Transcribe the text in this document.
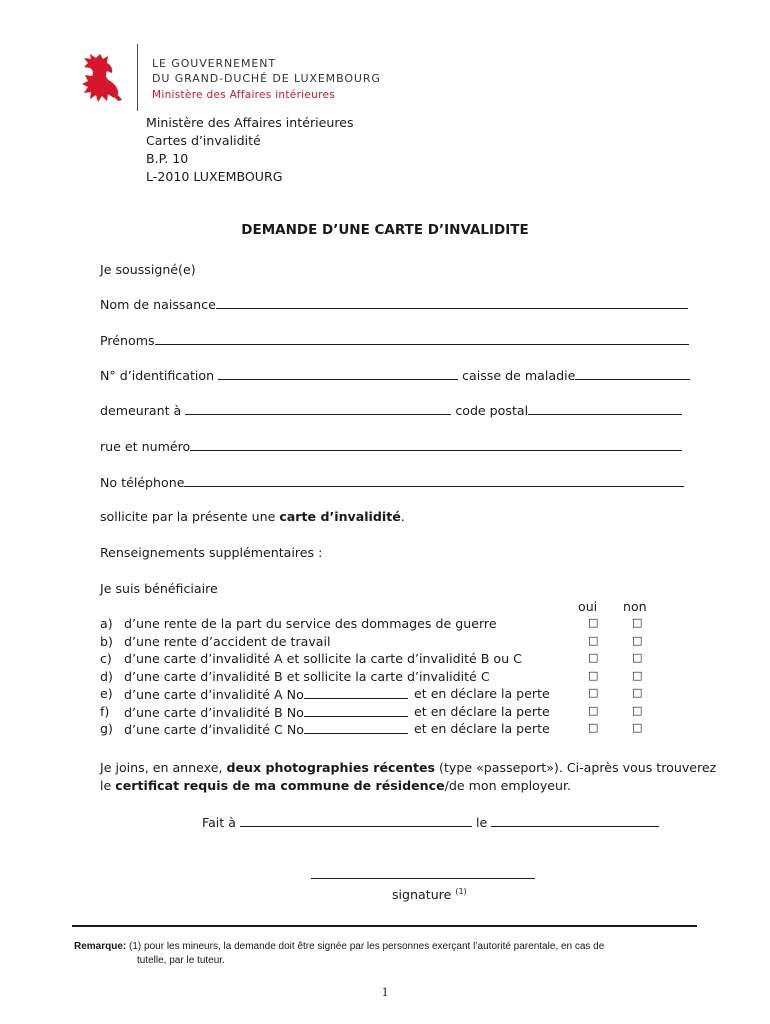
LE GOUVERNEMENT
DU GRAND-DUCHÉ DE LUXEMBOURG
Ministère des Affaires intérieures
Ministère des Affaires intérieures
Cartes d’invalidité
B.P. 10
L-2010 LUXEMBOURG
DEMANDE D’UNE CARTE D’INVALIDITE
Je soussigné(e)
Nom de naissance
Prénoms
N° d’identification	caisse de maladie
demeurant à	code postal
rue et numéro
No téléphone
sollicite par la présente une carte d’invalidité.
Renseignements supplémentaires :
Je suis bénéficiaire
oui non
a) d’une rente de la part du service des dommages de guerre	□	□
b) d’une rente d’accident de travail	□	□
c) d’une carte d’invalidité A et sollicite la carte d’invalidité B ou C	□	□
d) d’une carte d’invalidité B et sollicite la carte d’invalidité C	□	□
e) d’une carte d’invalidité A No	et en déclare la perte	□	□
f) d’une carte d’invalidité B No	et en déclare la perte	□	□
g) d’une carte d’invalidité C No	et en déclare la perte	□	□
Je joins, en annexe, deux photographies récentes (type «passeport»). Ci-après vous trouverez
le certificat requis de ma commune de résidence/de mon employeur.
Fait à	le
signature $^{(1)}$
Remarque: (1) pour les mineurs, la demande doit être signée par les personnes exerçant l’autorité parentale, en cas de
tutelle, par le tuteur.
1
